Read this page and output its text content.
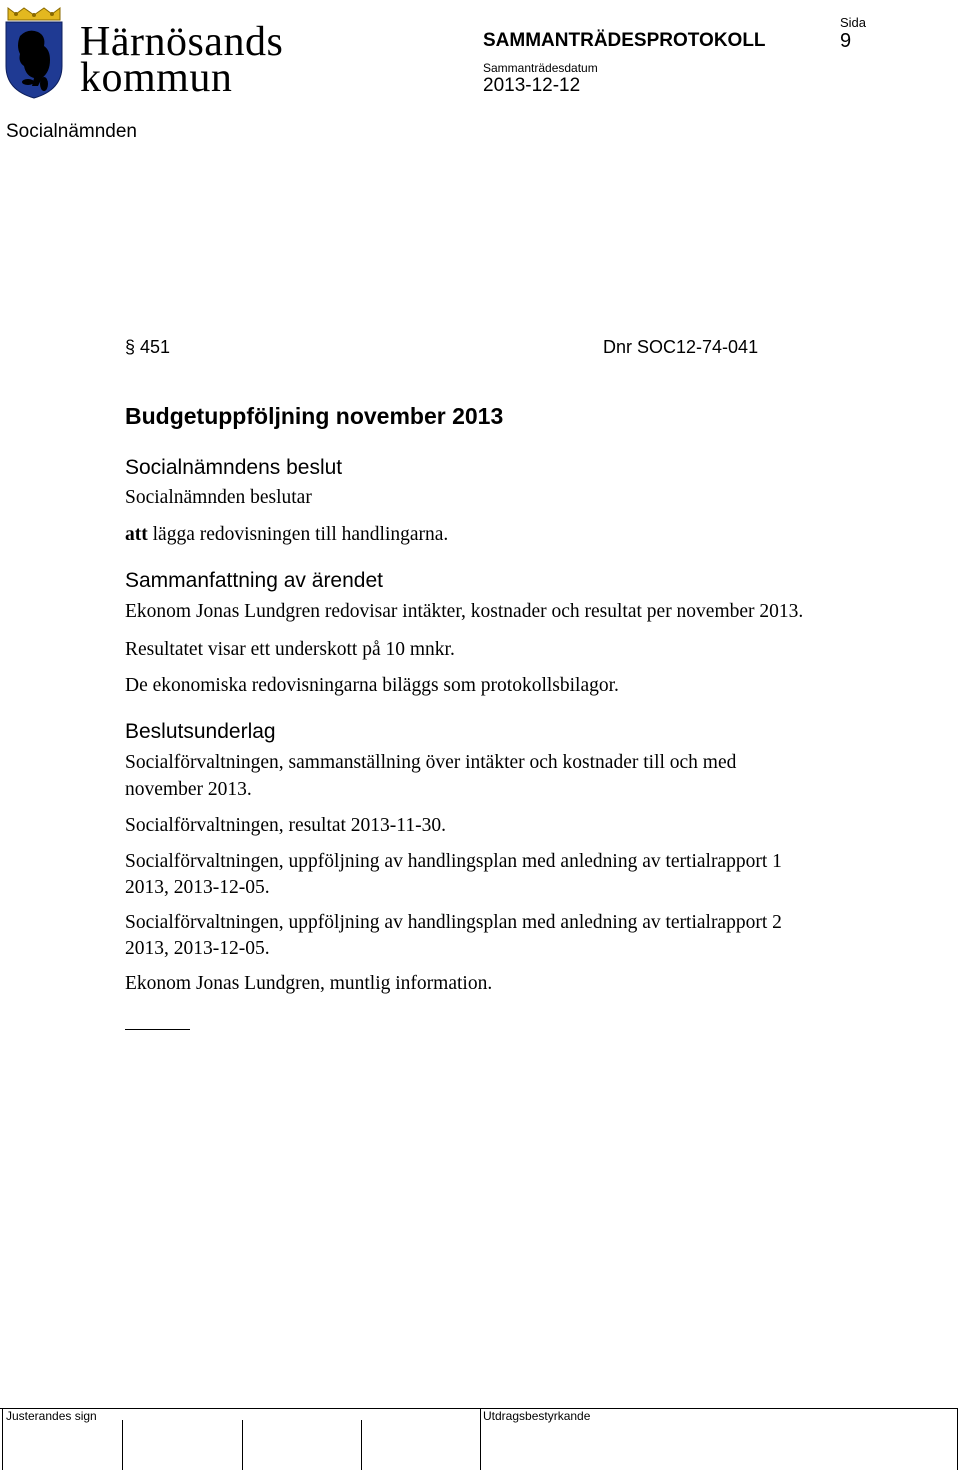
Härnösands
kommun
SAMMANTRÄDESPROTOKOLL
Sida
9
Sammanträdesdatum
2013-12-12
Socialnämnden
§ 451	Dnr SOC12-74-041
Budgetuppföljning november 2013
Socialnämndens beslut
Socialnämnden beslutar
att lägga redovisningen till handlingarna.
Sammanfattning av ärendet
Ekonom Jonas Lundgren redovisar intäkter, kostnader och resultat per november 2013.
Resultatet visar ett underskott på 10 mnkr.
De ekonomiska redovisningarna biläggs som protokollsbilagor.
Beslutsunderlag
Socialförvaltningen, sammanställning över intäkter och kostnader till och med
november 2013.
Socialförvaltningen, resultat 2013-11-30.
Socialförvaltningen, uppföljning av handlingsplan med anledning av tertialrapport 1
2013, 2013-12-05.
Socialförvaltningen, uppföljning av handlingsplan med anledning av tertialrapport 2
2013, 2013-12-05.
Ekonom Jonas Lundgren, muntlig information.
Justerandes sign	Utdragsbestyrkande
